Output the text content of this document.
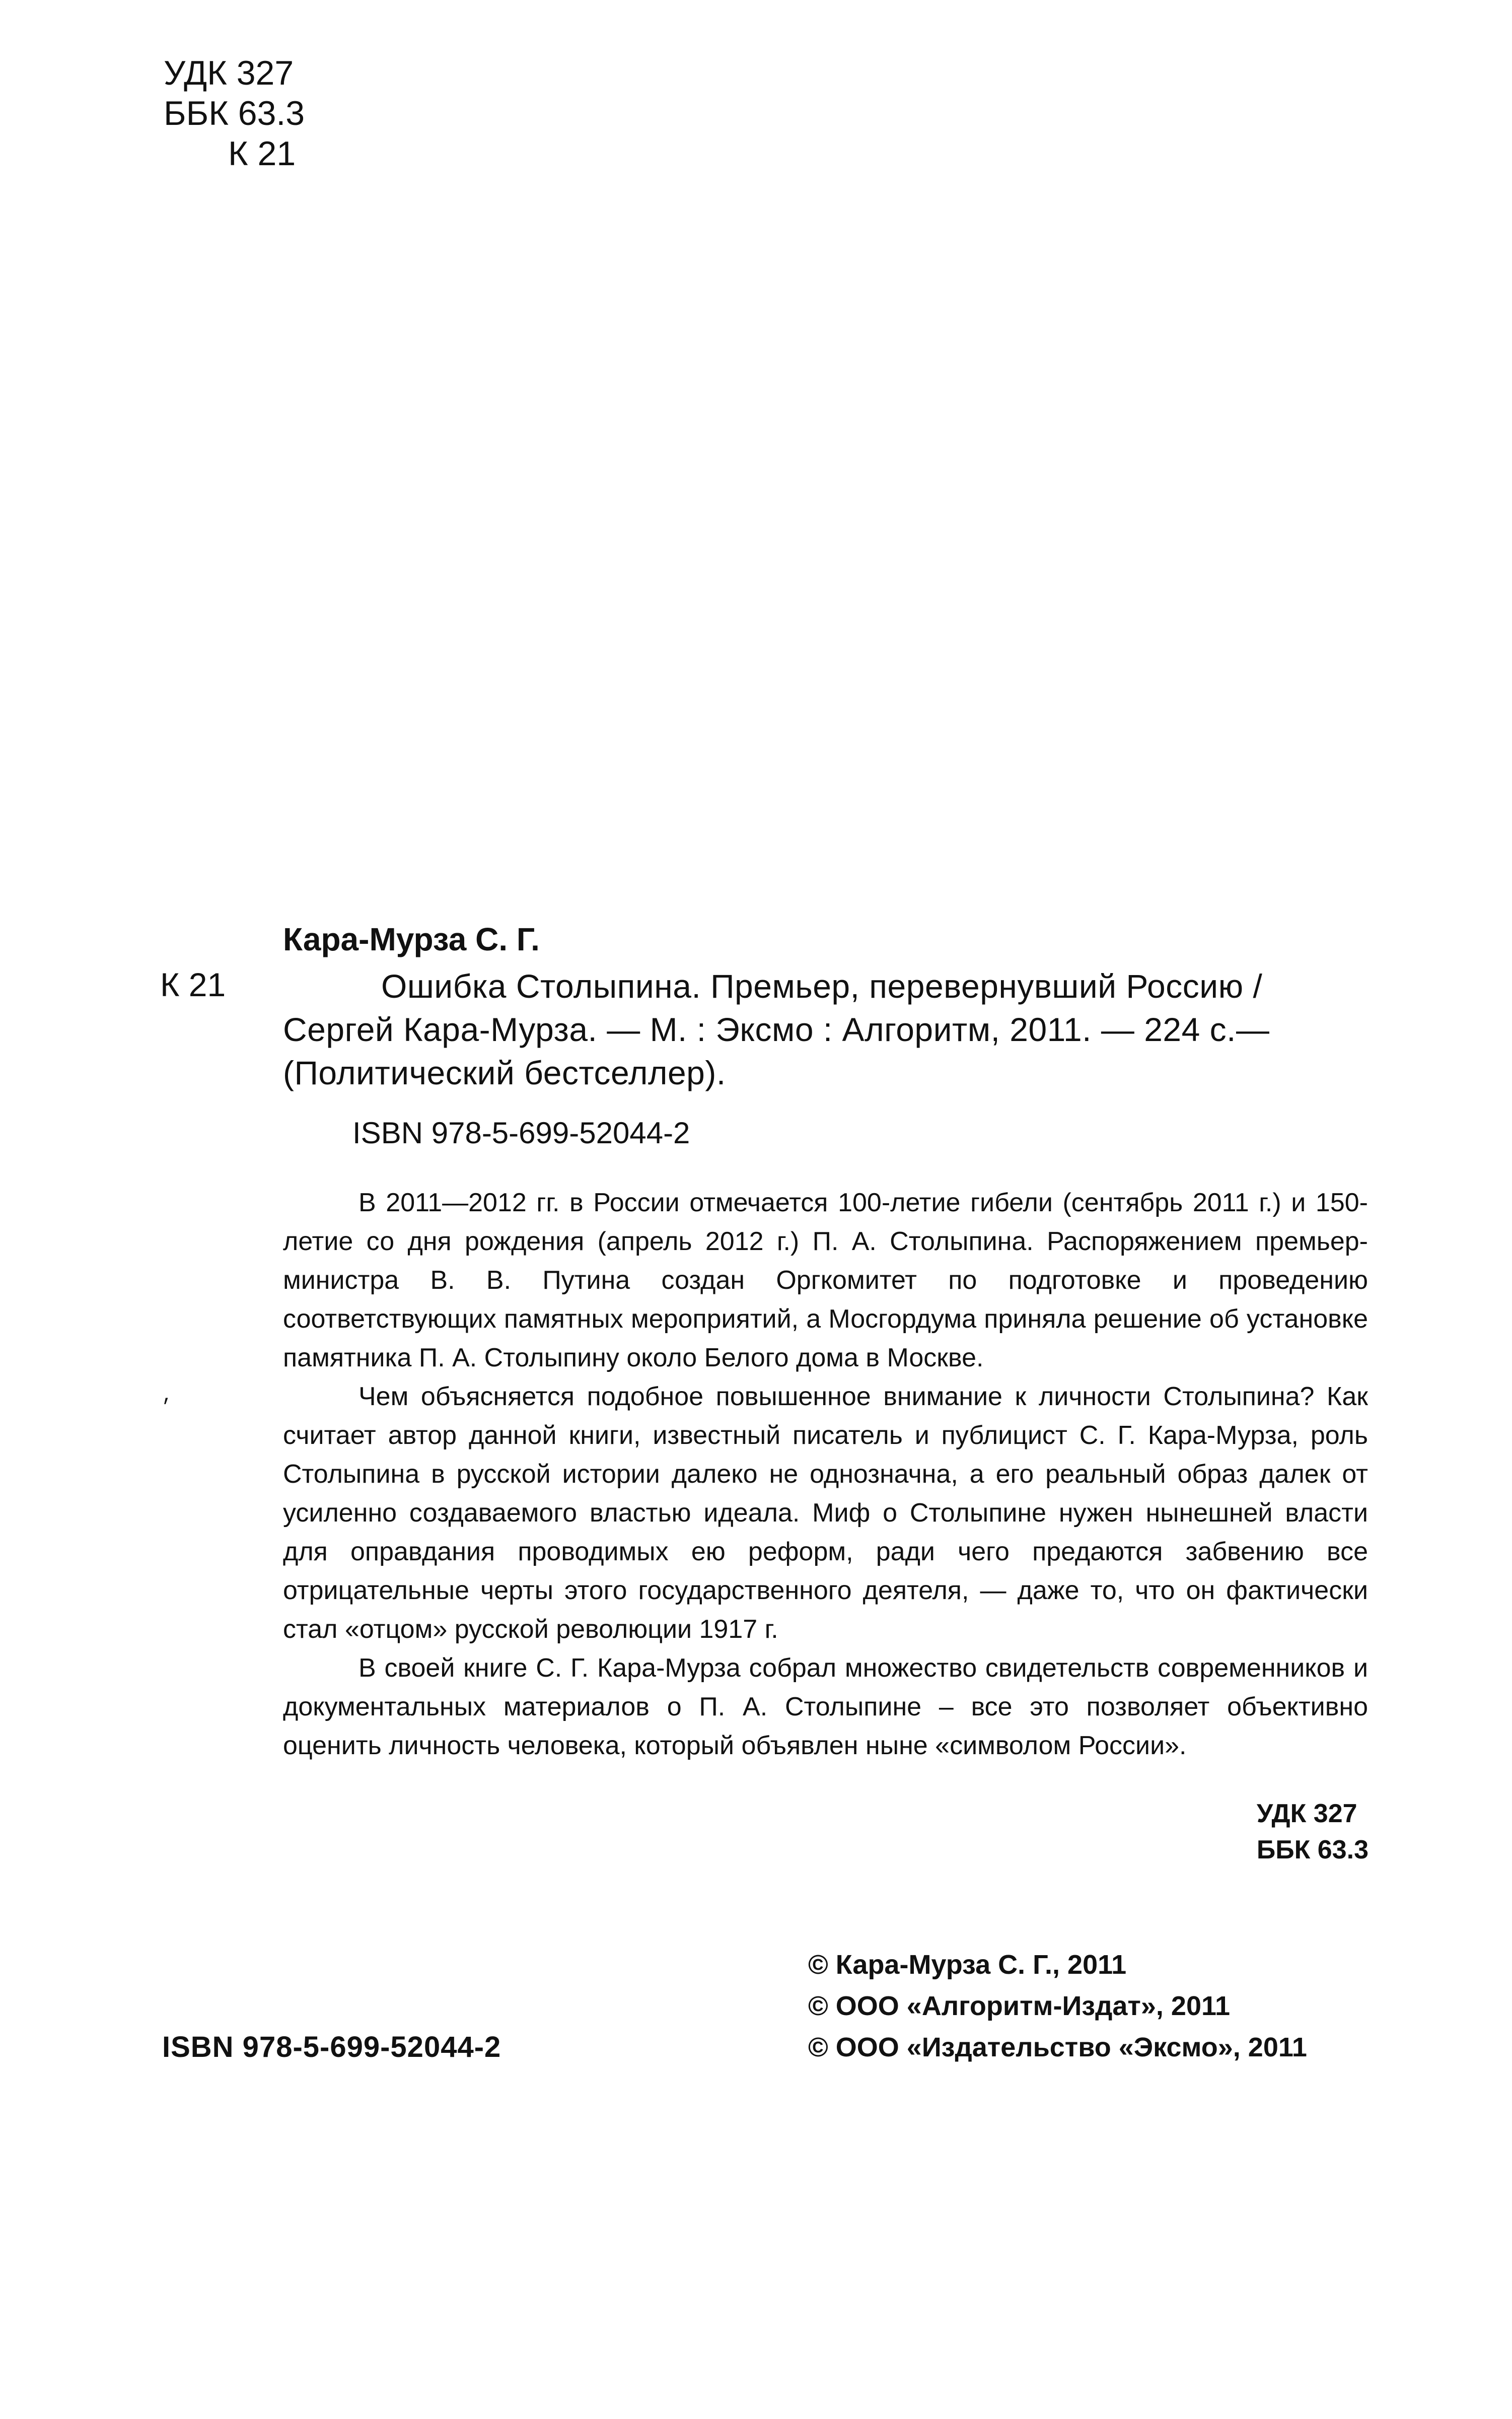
УДК 327
ББК 63.3
К 21
Кара-Мурза С. Г.
К 21	Ошибка Столыпина. Премьер, перевернувший Россию /
Сергей Кара-Мурза. — М. : Эксмо : Алгоритм, 2011. — 224 с.—
(Политический бестселлер).
ISBN 978-5-699-52044-2

В 2011—2012 гг. в России отмечается 100-летие гибели (сентябрь 2011 г.) и 150-летие со дня рождения (апрель 2012 г.) П. А. Столыпина. Распоряжением премьер-министра В. В. Путина создан Оргкомитет по подготовке и проведению соответствующих памятных мероприятий, а Мосгордума приняла решение об установке памятника П. А. Столыпину около Белого дома в Москве.

Чем объясняется подобное повышенное внимание к личности Столыпина? Как считает автор данной книги, известный писатель и публицист С. Г. Кара-Мурза, роль Столыпина в русской истории далеко не однозначна, а его реальный образ далек от усиленно создаваемого властью идеала. Миф о Столыпине нужен нынешней власти для оправдания проводимых ею реформ, ради чего предаются забвению все отрицательные черты этого государственного деятеля, — даже то, что он фактически стал «отцом» русской революции 1917 г.

В своей книге С. Г. Кара-Мурза собрал множество свидетельств современников и документальных материалов о П. А. Столыпине – все это позволяет объективно оценить личность человека, который объявлен ныне «символом России».

׳
УДК 327
ББК 63.3
© Кара-Мурза С. Г., 2011
© ООО «Алгоритм-Издат», 2011
© ООО «Издательство «Эксмо», 2011
ISBN 978-5-699-52044-2
